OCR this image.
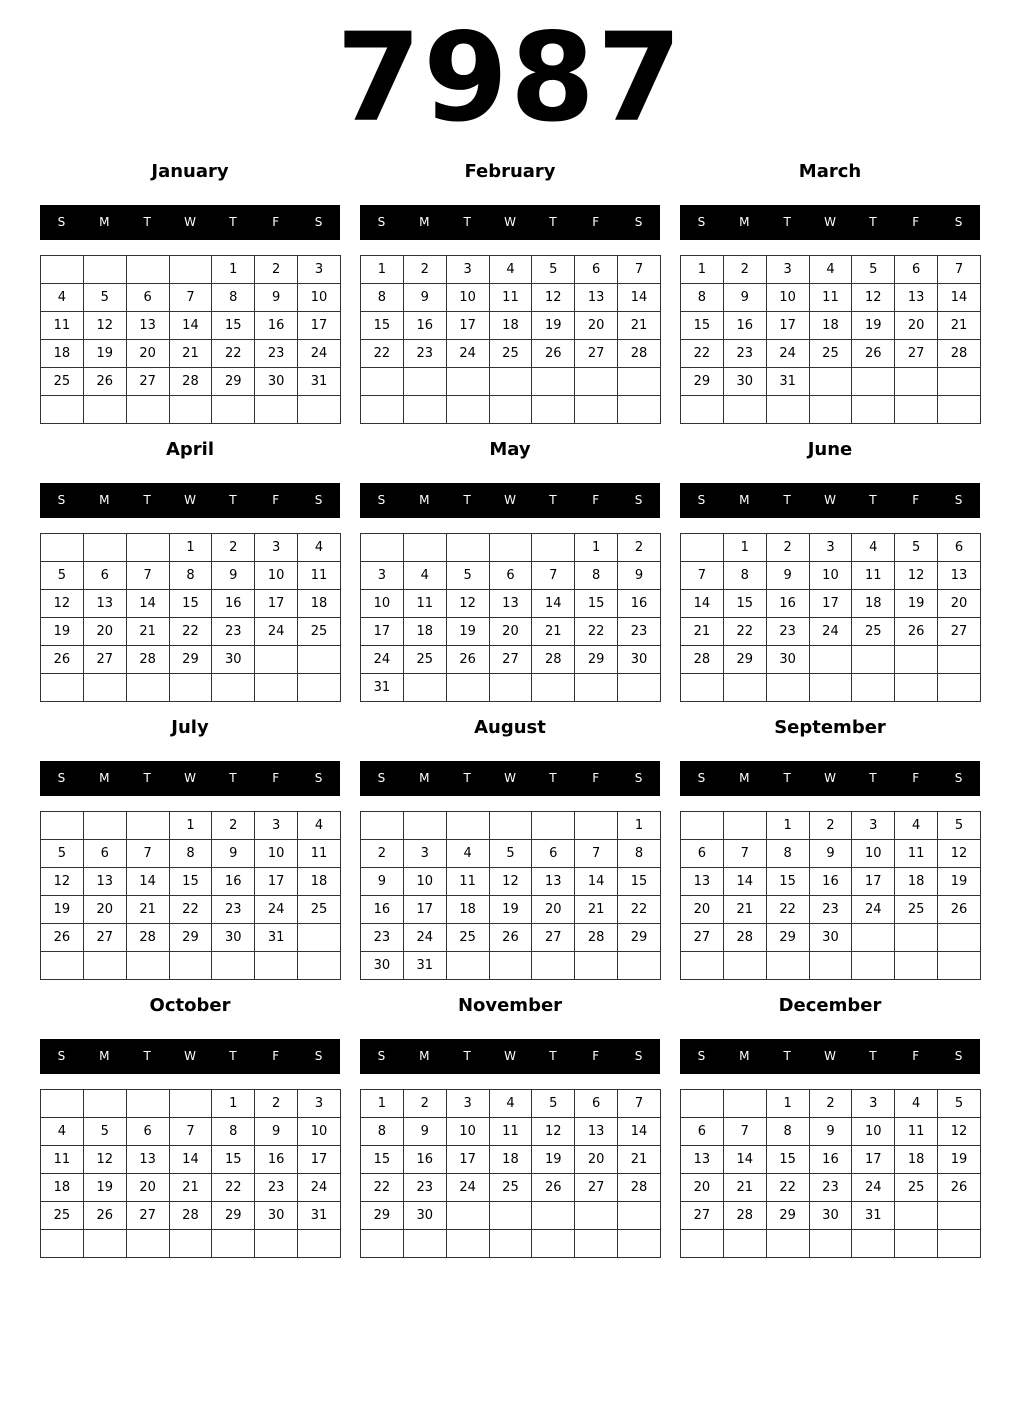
7987
January
S	M	T	W	T	F	S
				1	2	3
4	5	6	7	8	9	10
11	12	13	14	15	16	17
18	19	20	21	22	23	24
25	26	27	28	29	30	31

February
S	M	T	W	T	F	S
1	2	3	4	5	6	7
8	9	10	11	12	13	14
15	16	17	18	19	20	21
22	23	24	25	26	27	28

March
S	M	T	W	T	F	S
1	2	3	4	5	6	7
8	9	10	11	12	13	14
15	16	17	18	19	20	21
22	23	24	25	26	27	28
29	30	31				

April
S	M	T	W	T	F	S
			1	2	3	4
5	6	7	8	9	10	11
12	13	14	15	16	17	18
19	20	21	22	23	24	25
26	27	28	29	30		

May
S	M	T	W	T	F	S
					1	2
3	4	5	6	7	8	9
10	11	12	13	14	15	16
17	18	19	20	21	22	23
24	25	26	27	28	29	30
31						
June
S	M	T	W	T	F	S
	1	2	3	4	5	6
7	8	9	10	11	12	13
14	15	16	17	18	19	20
21	22	23	24	25	26	27
28	29	30				

July
S	M	T	W	T	F	S
			1	2	3	4
5	6	7	8	9	10	11
12	13	14	15	16	17	18
19	20	21	22	23	24	25
26	27	28	29	30	31	

August
S	M	T	W	T	F	S
						1
2	3	4	5	6	7	8
9	10	11	12	13	14	15
16	17	18	19	20	21	22
23	24	25	26	27	28	29
30	31					
September
S	M	T	W	T	F	S
		1	2	3	4	5
6	7	8	9	10	11	12
13	14	15	16	17	18	19
20	21	22	23	24	25	26
27	28	29	30			

October
S	M	T	W	T	F	S
				1	2	3
4	5	6	7	8	9	10
11	12	13	14	15	16	17
18	19	20	21	22	23	24
25	26	27	28	29	30	31

November
S	M	T	W	T	F	S
1	2	3	4	5	6	7
8	9	10	11	12	13	14
15	16	17	18	19	20	21
22	23	24	25	26	27	28
29	30					

December
S	M	T	W	T	F	S
		1	2	3	4	5
6	7	8	9	10	11	12
13	14	15	16	17	18	19
20	21	22	23	24	25	26
27	28	29	30	31		
